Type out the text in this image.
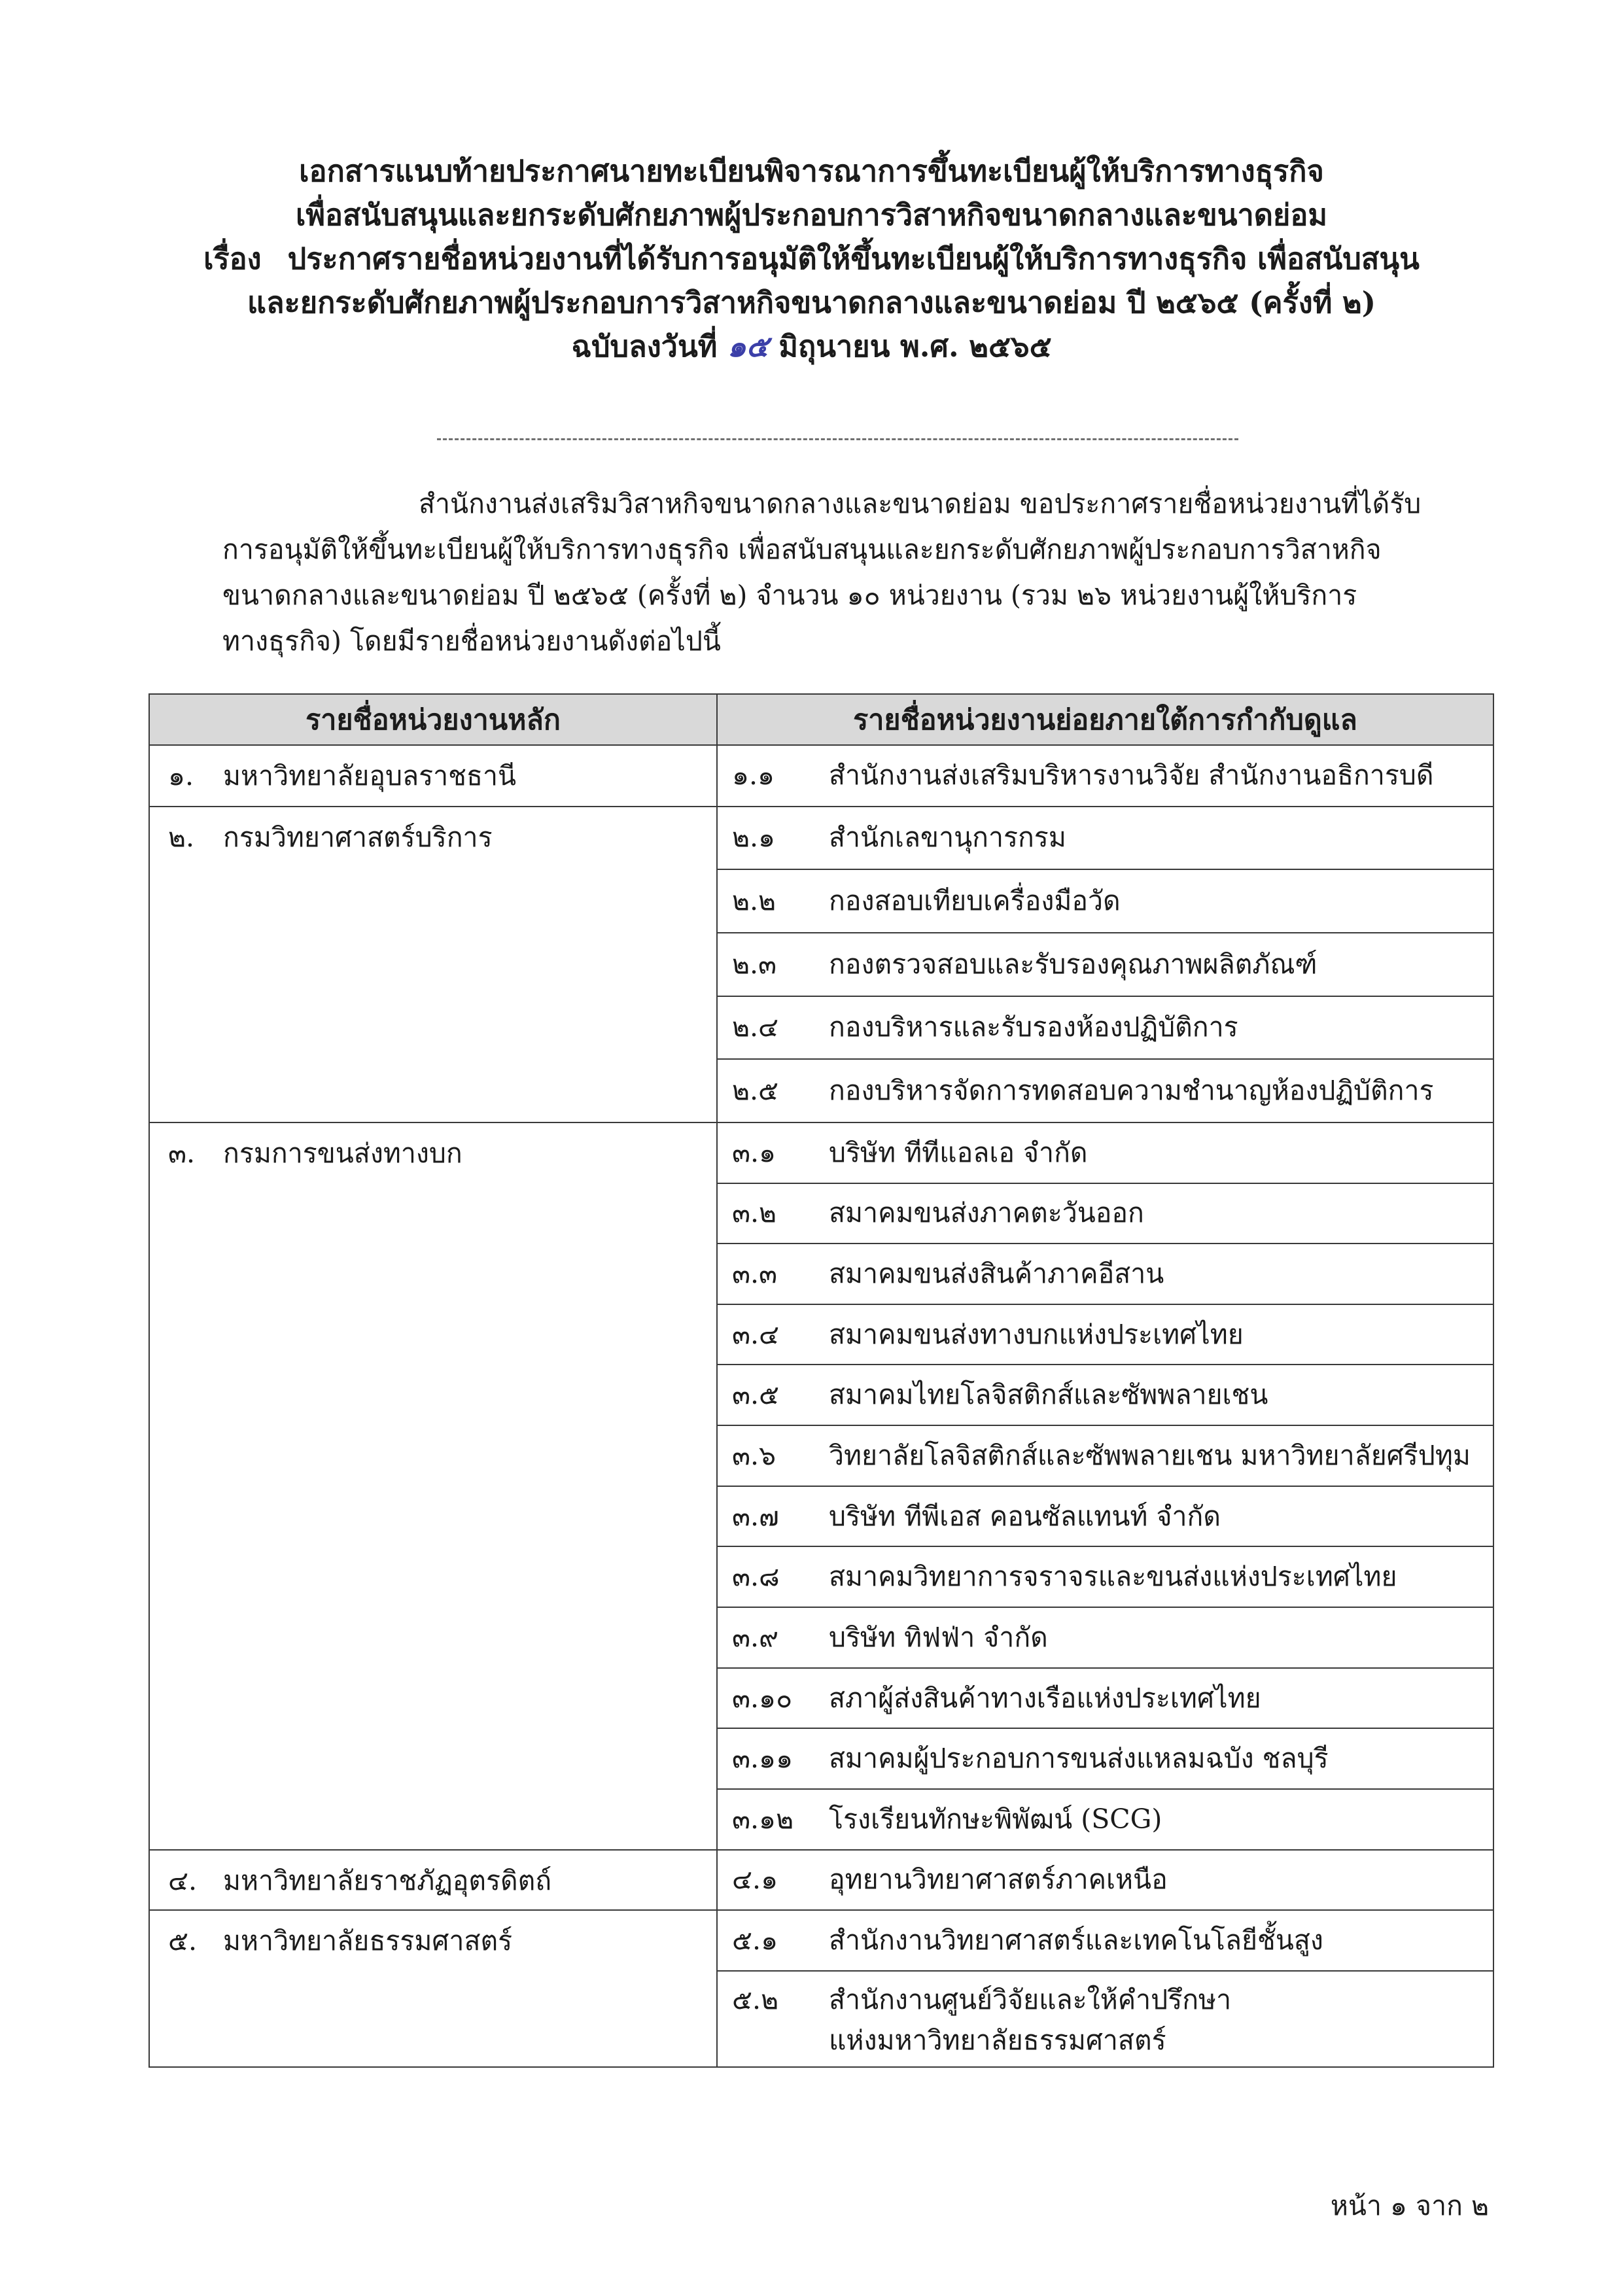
เอกสารแนบท้ายประกาศนายทะเบียนพิจารณาการขึ้นทะเบียนผู้ให้บริการทางธุรกิจ
เพื่อสนับสนุนและยกระดับศักยภาพผู้ประกอบการวิสาหกิจขนาดกลางและขนาดย่อม
เรื่อง ประกาศรายชื่อหน่วยงานที่ได้รับการอนุมัติให้ขึ้นทะเบียนผู้ให้บริการทางธุรกิจ เพื่อสนับสนุน
และยกระดับศักยภาพผู้ประกอบการวิสาหกิจขนาดกลางและขนาดย่อม ปี ๒๕๖๕ (ครั้งที่ ๒)
ฉบับลงวันที่ ๑๕ มิถุนายน พ.ศ. ๒๕๖๕

สำนักงานส่งเสริมวิสาหกิจขนาดกลางและขนาดย่อม ขอประกาศรายชื่อหน่วยงานที่ได้รับ

การอนุมัติให้ขึ้นทะเบียนผู้ให้บริการทางธุรกิจ เพื่อสนับสนุนและยกระดับศักยภาพผู้ประกอบการวิสาหกิจ

ขนาดกลางและขนาดย่อม ปี ๒๕๖๕ (ครั้งที่ ๒) จำนวน ๑๐ หน่วยงาน (รวม ๒๖ หน่วยงานผู้ให้บริการ

ทางธุรกิจ) โดยมีรายชื่อหน่วยงานดังต่อไปนี้

รายชื่อหน่วยงานหลัก	รายชื่อหน่วยงานย่อยภายใต้การกำกับดูแล
๑. มหาวิทยาลัยอุบลราชธานี	๑.๑ สำนักงานส่งเสริมบริหารงานวิจัย สำนักงานอธิการบดี
๒. กรมวิทยาศาสตร์บริการ	๒.๑ สำนักเลขานุการกรม
	๒.๒ กองสอบเทียบเครื่องมือวัด
	๒.๓ กองตรวจสอบและรับรองคุณภาพผลิตภัณฑ์
	๒.๔ กองบริหารและรับรองห้องปฏิบัติการ
	๒.๕ กองบริหารจัดการทดสอบความชำนาญห้องปฏิบัติการ
๓. กรมการขนส่งทางบก	๓.๑ บริษัท ทีทีแอลเอ จำกัด
	๓.๒ สมาคมขนส่งภาคตะวันออก
	๓.๓ สมาคมขนส่งสินค้าภาคอีสาน
	๓.๔ สมาคมขนส่งทางบกแห่งประเทศไทย
	๓.๕ สมาคมไทยโลจิสติกส์และซัพพลายเชน
	๓.๖ วิทยาลัยโลจิสติกส์และซัพพลายเชน มหาวิทยาลัยศรีปทุม
	๓.๗ บริษัท ทีพีเอส คอนซัลแทนท์ จำกัด
	๓.๘ สมาคมวิทยาการจราจรและขนส่งแห่งประเทศไทย
	๓.๙ บริษัท ทิฟฟ่า จำกัด
	๓.๑๐ สภาผู้ส่งสินค้าทางเรือแห่งประเทศไทย
	๓.๑๑ สมาคมผู้ประกอบการขนส่งแหลมฉบัง ชลบุรี
	๓.๑๒ โรงเรียนทักษะพิพัฒน์ (SCG)
๔. มหาวิทยาลัยราชภัฏอุตรดิตถ์	๔.๑ อุทยานวิทยาศาสตร์ภาคเหนือ
๕. มหาวิทยาลัยธรรมศาสตร์	๕.๑ สำนักงานวิทยาศาสตร์และเทคโนโลยีชั้นสูง
	๕.๒ สำนักงานศูนย์วิจัยและให้คำปรึกษา
แห่งมหาวิทยาลัยธรรมศาสตร์
หน้า ๑ จาก ๒
